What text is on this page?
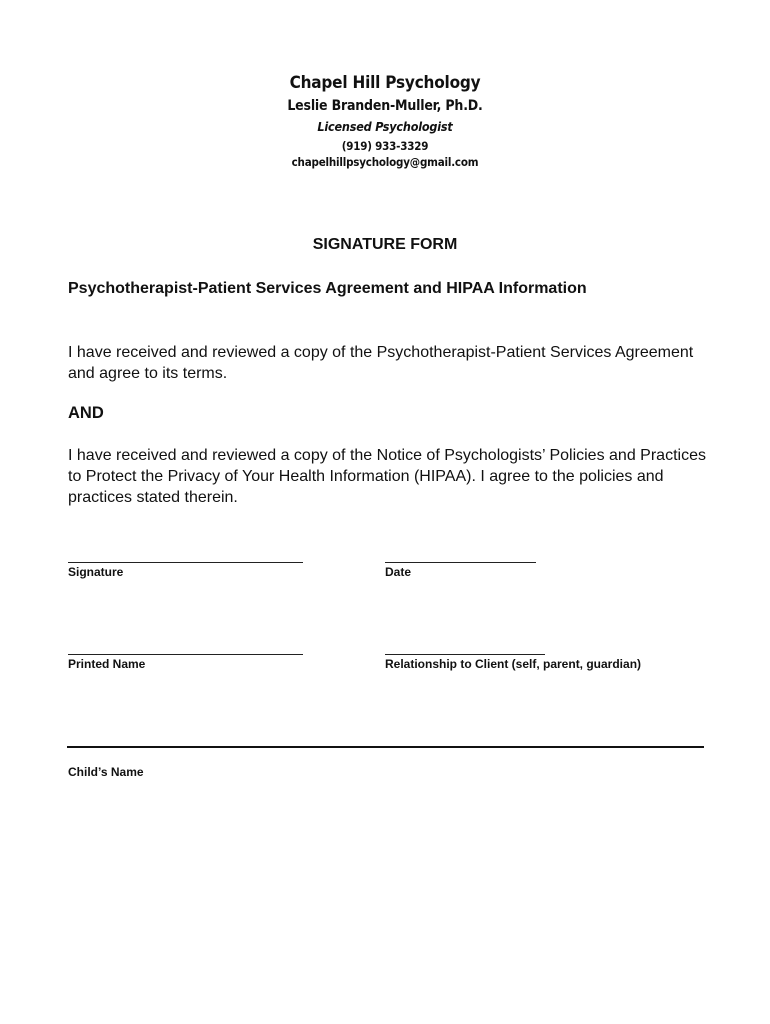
Chapel Hill Psychology
Leslie Branden-Muller, Ph.D.
Licensed Psychologist
(919) 933-3329
chapelhillpsychology@gmail.com
SIGNATURE FORM
Psychotherapist-Patient Services Agreement and HIPAA Information
I have received and reviewed a copy of the Psychotherapist-Patient Services Agreement and agree to its terms.
AND
I have received and reviewed a copy of the Notice of Psychologists’ Policies and Practices to Protect the Privacy of Your Health Information (HIPAA). I agree to the policies and practices stated therein.
Signature	Date
Printed Name	Relationship to Client (self, parent, guardian)
Child’s Name
